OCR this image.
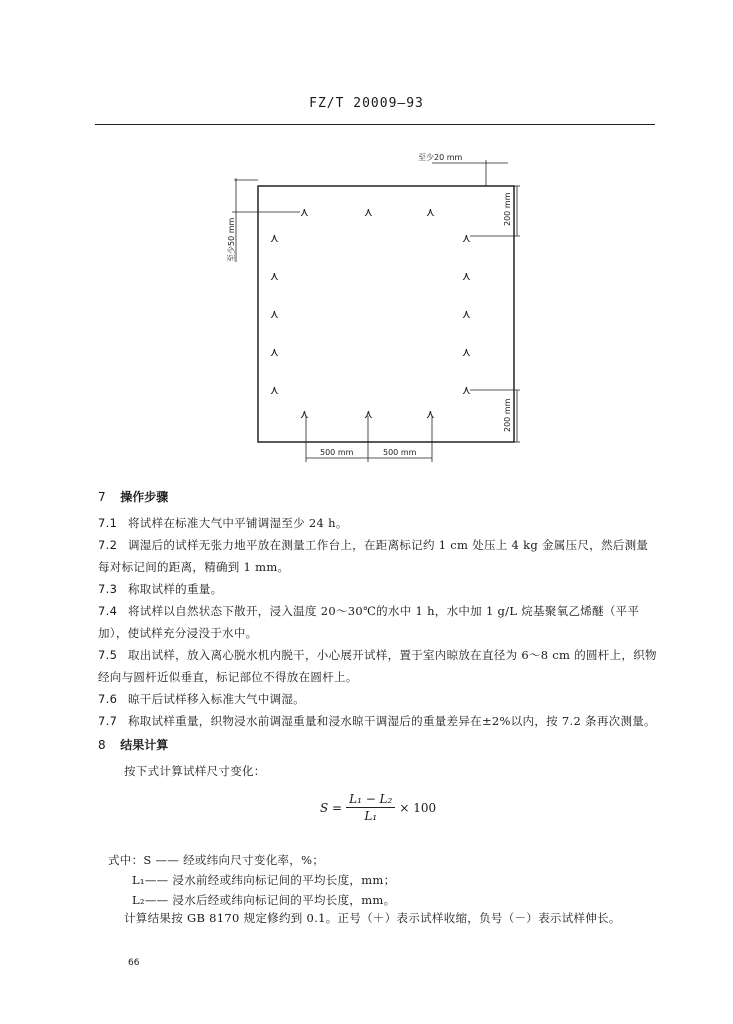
FZ/T 20009—93
至少20 mm
至少50 mm
200 mm
200 mm
500 mm	500 mm
⋏	⋏	⋏
⋏
⋏
⋏
⋏
⋏
⋏
⋏
⋏
⋏
⋏
⋏	⋏	⋏
7 操作步骤
7.1 将试样在标准大气中平铺调湿至少 24 h。
7.2 调湿后的试样无张力地平放在测量工作台上，在距离标记约 1 cm 处压上 4 kg 金属压尺，然后测量每对标记间的距离，精确到 1 mm。
7.3 称取试样的重量。
7.4 将试样以自然状态下散开，浸入温度 20～30℃的水中 1 h，水中加 1 g/L 烷基聚氧乙烯醚（平平加），使试样充分浸没于水中。
7.5 取出试样，放入离心脱水机内脱干，小心展开试样，置于室内晾放在直径为 6～8 cm 的圆杆上，织物经向与圆杆近似垂直，标记部位不得放在圆杆上。
7.6 晾干后试样移入标准大气中调湿。
7.7 称取试样重量，织物浸水前调湿重量和浸水晾干调湿后的重量差异在±2%以内，按 7.2 条再次测量。
8 结果计算
按下式计算试样尺寸变化：
$S = \frac{\text{L₁ − L₂}}{\text{L₁}} \times 100$
式中：S —— 经或纬向尺寸变化率，%；
L₁—— 浸水前经或纬向标记间的平均长度，mm；
L₂—— 浸水后经或纬向标记间的平均长度，mm。
计算结果按 GB 8170 规定修约到 0.1。正号（＋）表示试样收缩，负号（－）表示试样伸长。
66
